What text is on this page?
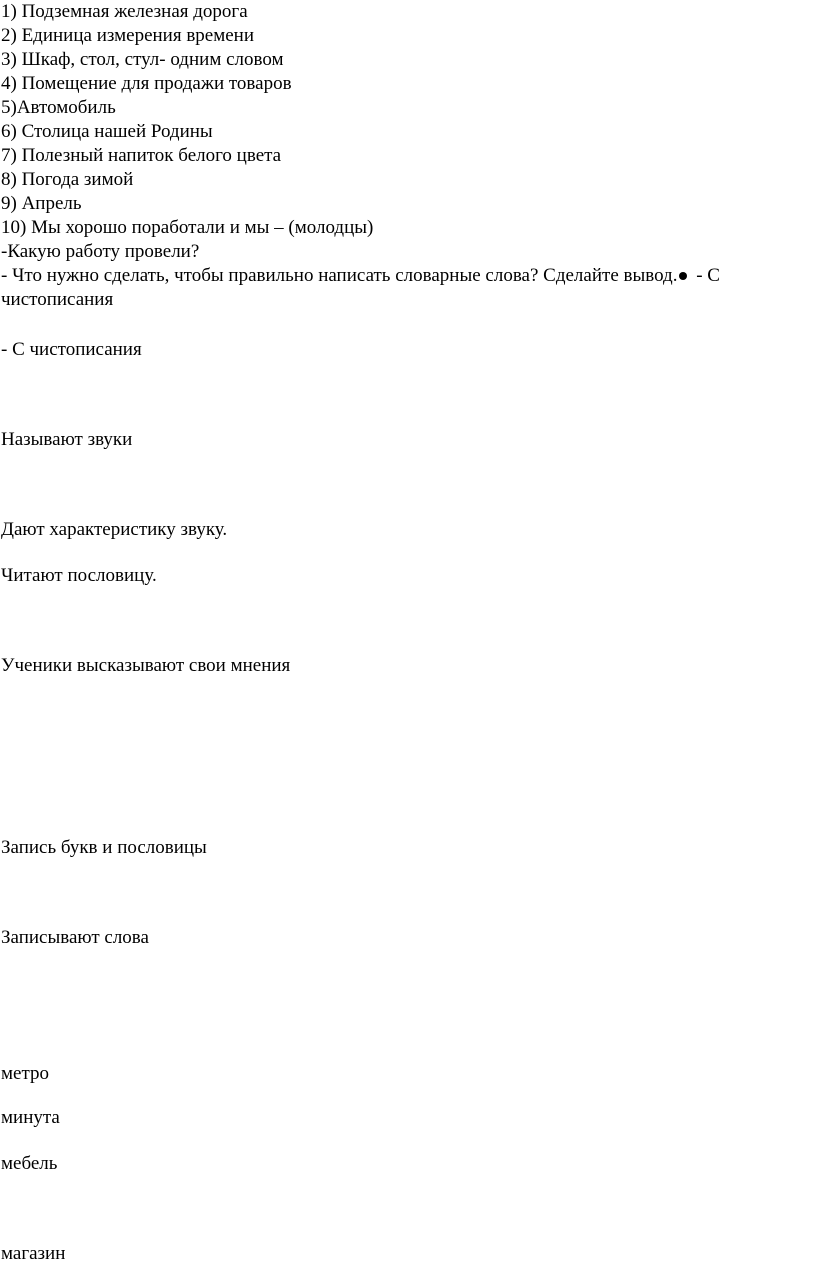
1) Подземная железная дорога
2) Единица измерения времени
3) Шкаф, стол, стул- одним словом
4) Помещение для продажи товаров
5)Автомобиль
6) Столица нашей Родины
7) Полезный напиток белого цвета
8) Погода зимой
9) Апрель
10) Мы хорошо поработали и мы – (молодцы)
-Какую работу провели?
- Что нужно сделать, чтобы правильно написать словарные слова? Сделайте вывод. - С чистописания
- С чистописания
Называют звуки
Дают характеристику звуку.
Читают пословицу.
Ученики высказывают свои мнения
Запись букв и пословицы
Записывают слова
метро
минута
мебель
магазин
